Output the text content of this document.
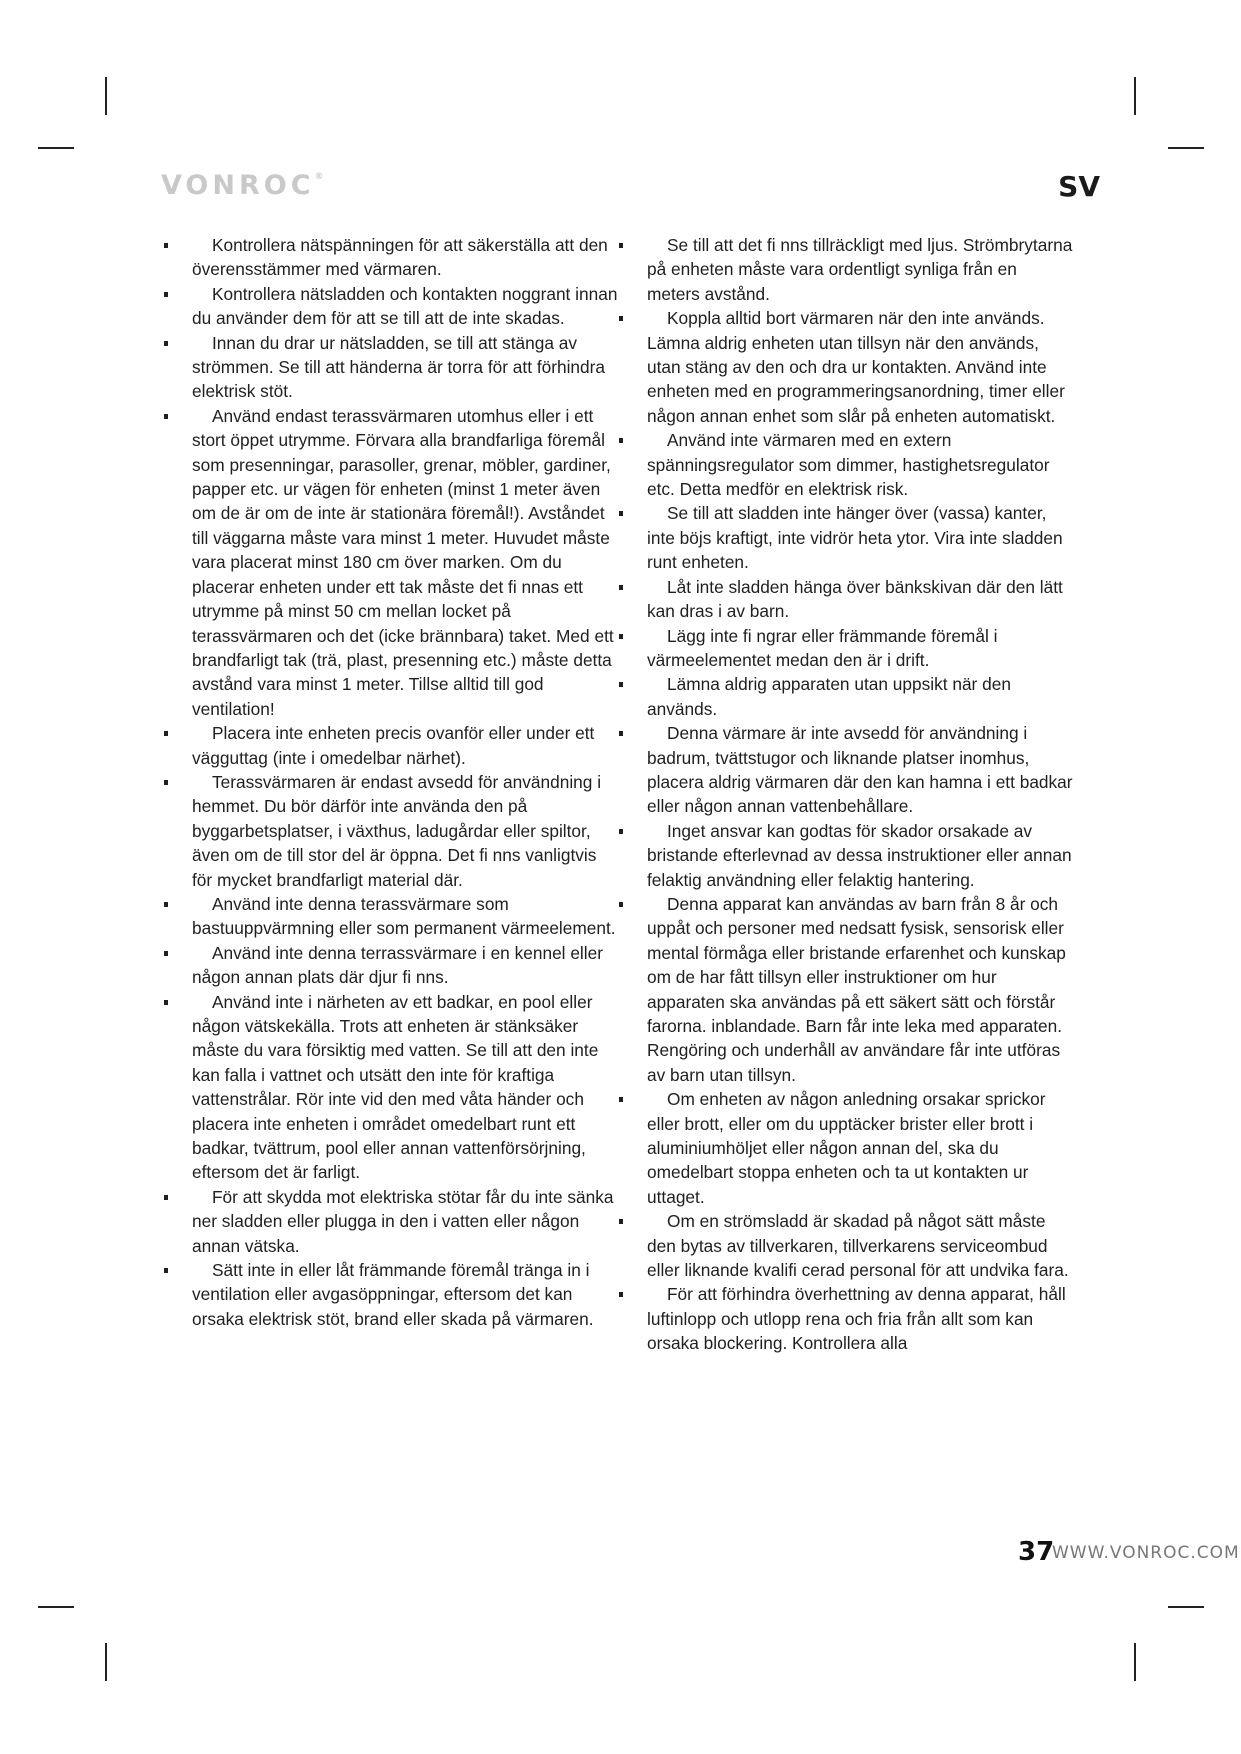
VONROC®	SV
Kontrollera nätspänningen för att säkerställa att den överensstämmer med värmaren.
Kontrollera nätsladden och kontakten noggrant innan du använder dem för att se till att de inte skadas.
Innan du drar ur nätsladden, se till att stänga av strömmen. Se till att händerna är torra för att förhindra elektrisk stöt.
Använd endast terassvärmaren utomhus eller i ett stort öppet utrymme. Förvara alla brandfarliga föremål som presenningar, parasoller, grenar, möbler, gardiner, papper etc. ur vägen för enheten (minst 1 meter även om de är om de inte är stationära föremål!). Avståndet till väggarna måste vara minst 1 meter. Huvudet måste vara placerat minst 180 cm över marken. Om du placerar enheten under ett tak måste det fi nnas ett utrymme på minst 50 cm mellan locket på terassvärmaren och det (icke brännbara) taket. Med ett brandfarligt tak (trä, plast, presenning etc.) måste detta avstånd vara minst 1 meter. Tillse alltid till god ventilation!
Placera inte enheten precis ovanför eller under ett vägguttag (inte i omedelbar närhet).
Terassvärmaren är endast avsedd för användning i hemmet. Du bör därför inte använda den på byggarbetsplatser, i växthus, ladugårdar eller spiltor, även om de till stor del är öppna. Det fi nns vanligtvis för mycket brandfarligt material där.
Använd inte denna terassvärmare som bastuuppvärmning eller som permanent värmeelement.
Använd inte denna terrassvärmare i en kennel eller någon annan plats där djur fi nns.
Använd inte i närheten av ett badkar, en pool eller någon vätskekälla. Trots att enheten är stänksäker måste du vara försiktig med vatten. Se till att den inte kan falla i vattnet och utsätt den inte för kraftiga vattenstrålar. Rör inte vid den med våta händer och placera inte enheten i området omedelbart runt ett badkar, tvättrum, pool eller annan vattenförsörjning, eftersom det är farligt.
För att skydda mot elektriska stötar får du inte sänka ner sladden eller plugga in den i vatten eller någon annan vätska.
Sätt inte in eller låt främmande föremål tränga in i ventilation eller avgasöppningar, eftersom det kan orsaka elektrisk stöt, brand eller skada på värmaren.
Se till att det fi nns tillräckligt med ljus. Strömbrytarna på enheten måste vara ordentligt synliga från en meters avstånd.
Koppla alltid bort värmaren när den inte används. Lämna aldrig enheten utan tillsyn när den används, utan stäng av den och dra ur kontakten. Använd inte enheten med en programmeringsanordning, timer eller någon annan enhet som slår på enheten automatiskt.
Använd inte värmaren med en extern spänningsregulator som dimmer, hastighetsregulator etc. Detta medför en elektrisk risk.
Se till att sladden inte hänger över (vassa) kanter, inte böjs kraftigt, inte vidrör heta ytor. Vira inte sladden runt enheten.
Låt inte sladden hänga över bänkskivan där den lätt kan dras i av barn.
Lägg inte fi ngrar eller främmande föremål i värmeelementet medan den är i drift.
Lämna aldrig apparaten utan uppsikt när den används.
Denna värmare är inte avsedd för användning i badrum, tvättstugor och liknande platser inomhus, placera aldrig värmaren där den kan hamna i ett badkar eller någon annan vattenbehållare.
Inget ansvar kan godtas för skador orsakade av bristande efterlevnad av dessa instruktioner eller annan felaktig användning eller felaktig hantering.
Denna apparat kan användas av barn från 8 år och uppåt och personer med nedsatt fysisk, sensorisk eller mental förmåga eller bristande erfarenhet och kunskap om de har fått tillsyn eller instruktioner om hur apparaten ska användas på ett säkert sätt och förstår farorna. inblandade. Barn får inte leka med apparaten. Rengöring och underhåll av användare får inte utföras av barn utan tillsyn.
Om enheten av någon anledning orsakar sprickor eller brott, eller om du upptäcker brister eller brott i aluminiumhöljet eller någon annan del, ska du omedelbart stoppa enheten och ta ut kontakten ur uttaget.
Om en strömsladd är skadad på något sätt måste den bytas av tillverkaren, tillverkarens serviceombud eller liknande kvalifi cerad personal för att undvika fara.
För att förhindra överhettning av denna apparat, håll luftinlopp och utlopp rena och fria från allt som kan orsaka blockering. Kontrollera alla
37
WWW.VONROC.COM
